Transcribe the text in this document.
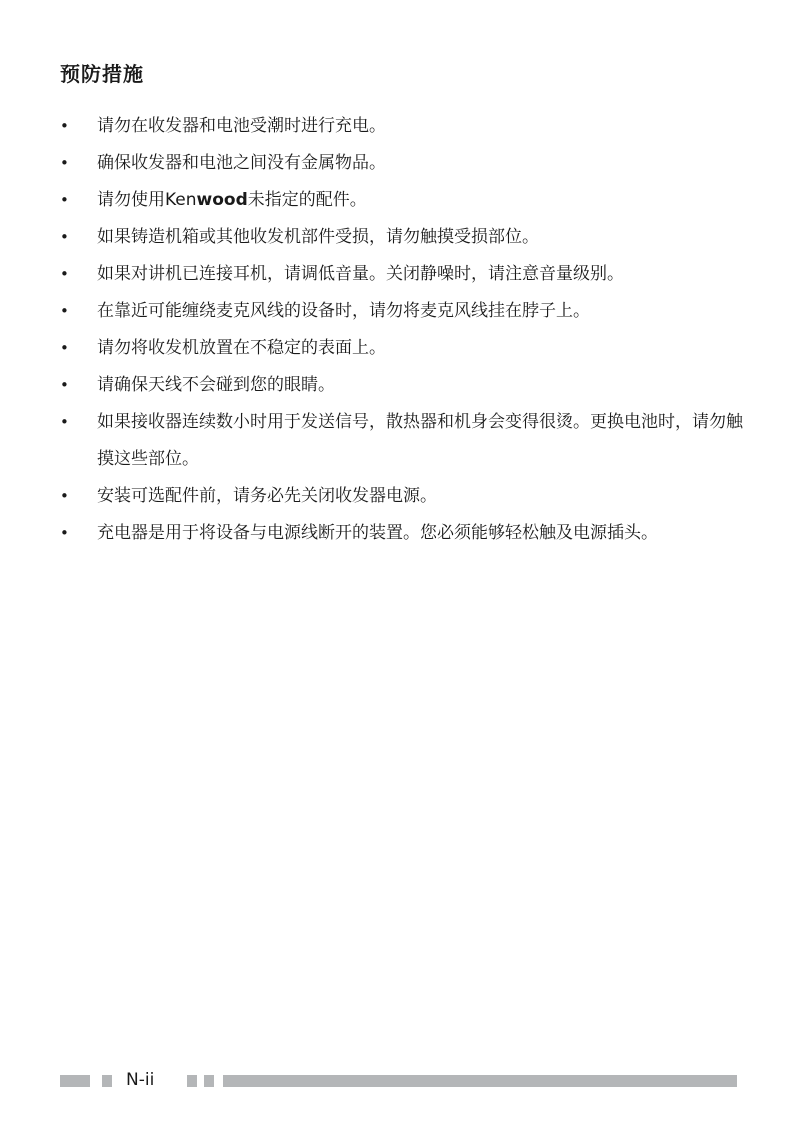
预防措施
•	请勿在收发器和电池受潮时进行充电。
•	确保收发器和电池之间没有金属物品。
•	请勿使用Kenwood未指定的配件。
•	如果铸造机箱或其他收发机部件受损，请勿触摸受损部位。
•	如果对讲机已连接耳机，请调低音量。关闭静噪时，请注意音量级别。
•	在靠近可能缠绕麦克风线的设备时，请勿将麦克风线挂在脖子上。
•	请勿将收发机放置在不稳定的表面上。
•	请确保天线不会碰到您的眼睛。
•	如果接收器连续数小时用于发送信号，散热器和机身会变得很烫。更换电池时，请勿触摸这些部位。
•	安装可选配件前，请务必先关闭收发器电源。
•	充电器是用于将设备与电源线断开的装置。您必须能够轻松触及电源插头。
N-ii
